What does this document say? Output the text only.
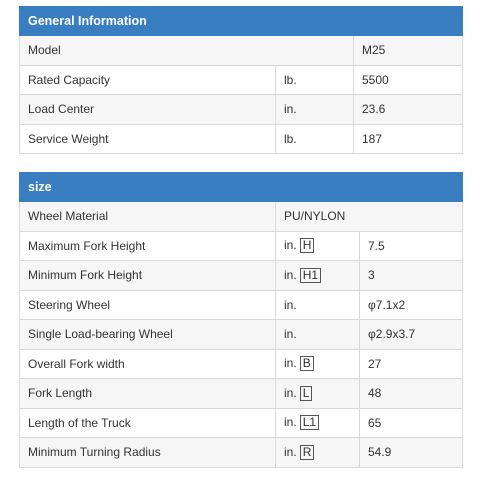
General Information		
Model		M25
Rated Capacity	lb.	5500
Load Center	in.	23.6
Service Weight	lb.	187
size		
Wheel Material	PU/NYLON	
Maximum Fork Height	in. H	7.5
Minimum Fork Height	in. H1	3
Steering Wheel	in.	φ7.1x2
Single Load-bearing Wheel	in.	φ2.9x3.7
Overall Fork width	in. B	27
Fork Length	in. L	48
Length of the Truck	in. L1	65
Minimum Turning Radius	in. R	54.9
